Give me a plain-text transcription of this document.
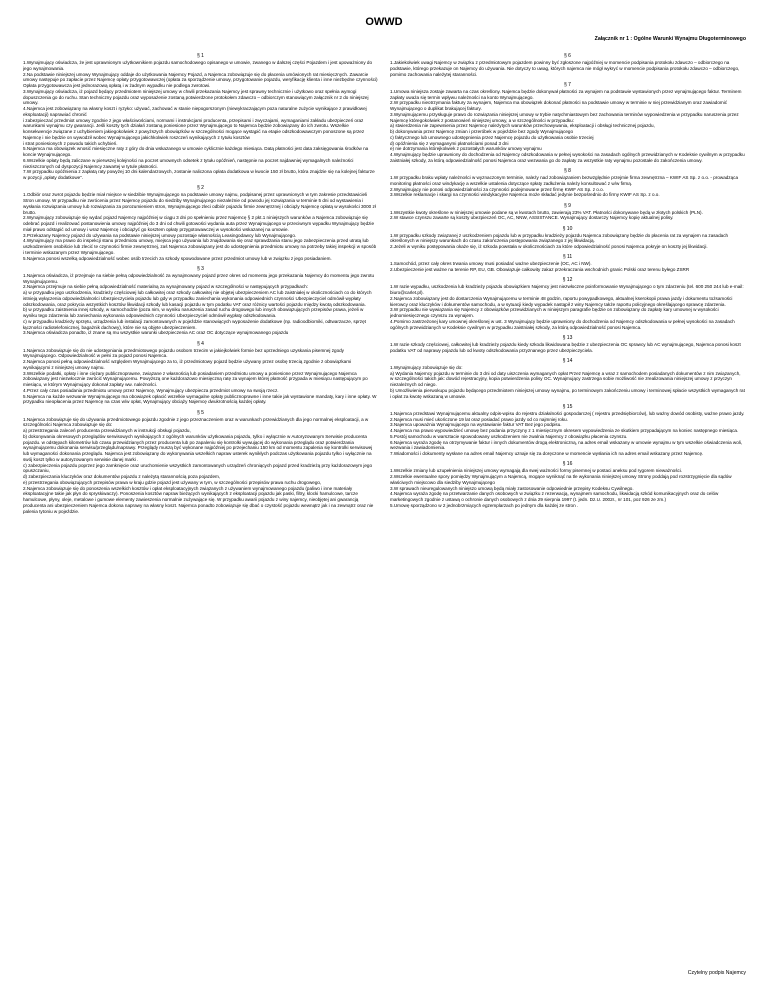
OWWD
Załącznik nr 1 : Ogólne Warunki Wynajmu Długoterminowego
§ 1

1.Wynajmujący oświadcza, że jest uprawnionym użytkownikiem pojazdu samochodowego opisanego w umowie, zwanego w dalszej części Pojazdem i jest upoważniony do jego wynajmowania.
2.Na podstawie niniejszej umowy Wynajmujący oddaje do użytkowania Najemcy Pojazd, a Najemca zobowiązuje się do płacenia umówionych rat miesięcznych. Zawarcie umowy następuje po zapłacie przez Najemcę opłaty przygotowawczej (opłata za sporządzenie umowy, przygotowanie pojazdu, weryfikację klienta i inne niezbędne czynności) Opłata przygotowawcza jest jednorazową opłatą i w żadnym wypadku nie podlega zwrotowi.
3.Wynajmujący oświadcza, iż pojazd będący przedmiotem niniejszej umowy w chwili przekazania Najemcy jest sprawny technicznie i użytkowo oraz spełnia wymogi dopuszczenia go do ruchu. Stan techniczny pojazdu oraz wyposażenie zostaną potwierdzone protokołem zdawczo – odbiorczym stanowiącym załącznik nr 2 do niniejszej umowy.
4.Najemca jest zobowiązany na własny koszt i ryzyko: używać, zachować w stanie niepogorszonym (niewykraczającym poza naturalne zużycie wynikające z prawidłowej eksploatacji) naprawiać chronić
i zabezpieczać przedmiot umowy zgodnie z jego właściwościami, normami i instrukcjami producenta, przepisami i zwyczajami, wymaganiami zakładu ubezpieczeń oraz warunkami wynajmu czy gwarancji. Jeśli koszty tych działań zostaną poniesione przez Wynajmującego to Najemca będzie zobowiązany do ich zwrotu. Wszelkie konsekwencje związane z uchybieniem jakiegokolwiek z powyższych obowiązków w szczególności mogące wystąpić na etapie odszkodowawczym ponoszone są przez Najemcę i nie będzie on wywodził wobec Wynajmującego jakichkolwiek roszczeń wynikających z tytułu kosztów
i strat poniesionych z powodu takich uchybień.
5.Najemca ma obowiązek wnosić miesięczne raty z góry do dnia wskazanego w umowie cyklicznie każdego miesiąca. Datą płatności jest data zaksięgowania środków na koncie Wynajmującego.
6.Wszelkie opłaty będą zaliczane w pierwszej kolejności na poczet umownych odsetek z tytułu opóźnień, następnie na poczet najdawniej wymagalnych należności nieziszczonych od dyspozycji Najemcy zawartej w tytule płatności.
7.W przypadku opóźnienia z zapłatą raty powyżej 10 dni kalendarzowych, zostanie naliczona opłata dodatkowa w kwocie 150 zł brutto, która znajdzie się na kolejnej fakturze w pozycji „opłaty dodatkowe”.

§ 2

1.Odbiór oraz zwrot pojazdu będzie miał miejsce w siedzibie Wynajmującego na podstawie umowy najmu, podpisanej przez uprawnionych w tym zakresie przedstawicieli Stron umowy. W przypadku nie zwrócenia przez Najemcę pojazdu do siedziby Wynajmującego niezależnie od powodu jej rozwiązania w terminie 5 dni od wystawienia i wysłania rozwiązania umowy lub rozwiązania za porozumieniem stron, Wynajmującego zleci odbiór pojazdu firmie zewnętrznej i obciąży Najemcę opłatą w wysokości 3000 zł brutto.
2.Wynajmujący zobowiązuje się wydać pojazd Najemcy najpóźniej w ciągu 3 dni po spełnieniu przez Najemcę § 2 pkt.1 niniejszych warunków a Najemca zobowiązuje się odebrać pojazd i realizować postanowienia umowy najpóźniej do 3 dni od chwili gotowości wydania auta przez Wynajmującego w przeciwnym wypadku Wynajmujący będzie miał prawo odstąpić od umowy i wraz Najemcę i obciążyć go kosztem opłaty przygotowawczej w wysokości wskazanej na umowie.
3.Przekazany Najemcy pojazd do używania na podstawie niniejszej umowy pozostaje własnością Leasingodawcy lub Wynajmującego.
4.Wynajmujący ma prawo do inspekcji stanu przedmiotu umowy, miejsca jego używania lub znajdowania się oraz sprawdzania stanu jego zabezpieczenia przed utratą lub uszkodzeniem osobiście lub zlecić te czynności firmie zewnętrznej, zaś Najemca zobowiązany jest do udostępnienia przedmiotu umowy na potrzeby takiej inspekcji w sposób i terminie wskazanym przez Wynajmującego.
5.Najemca ponosi wszelką odpowiedzialność wobec osób trzecich za szkody spowodowane przez przedmiot umowy lub w związku z jego posiadaniem.

§ 3

1.Najemca oświadcza, iż przejmuje na siebie pełną odpowiedzialność za wynajmowany pojazd przez okres od momentu jego przekazania Najemcy do momentu jego zwrotu Wynajmującemu.
2.Najemca przejmuje na siebie pełną odpowiedzialność materialną za wynajmowany pojazd w szczególności w następujących przypadkach:
a) w przypadku jego uszkodzenia, kradzieży częściowej lub całkowitej oraz szkody całkowitej nie objętej ubezpieczeniem AC lub zaistniałej w okolicznościach co do których istnieją wyłączenia odpowiedzialności Ubezpieczyciela pojazdu lub gdy w przypadku zaniechania wykonania odpowiednich czynności Ubezpieczyciel odmówił wypłaty odszkodowania, oraz pokrycia wszystkich kosztów likwidacji szkody lub kasacji pojazdu w tym podatku VAT oraz różnicy wartości pojazdu między kwotą odszkodowania.
b) w przypadku zaistnienia innej szkody, w samochodzie (poza nim, w wyniku naruszenia zasad ruchu drogowego lub innych obowiązujących przepisów prawa, jeżeli w wyniku tego zdarzenia lub zaniechania wykonania odpowiednich czynności Ubezpieczyciel odmówił wypłaty odszkodowania.
c) w przypadku kradzieży sprzętu, urządzenia lub instalacji zamontowanych w pojeździe stanowiących wyposażenie dodatkowe (np. radioodbiorniki, odtwarzacze, sprzęt łączności radiotelefonicznej, bagażnik dachowy), które nie są objęte ubezpieczeniem.
3.Najemca oświadcza ponadto, iż znane są mu wszystkie warunki ubezpieczenia AC oraz OC dotyczące wynajmowanego pojazdu

§ 4

1.Najemca zobowiązuje się do nie udostępniania przedmiotowego pojazdu osobom trzecim w jakiejkolwiek formie bez uprzedniego uzyskania pisemnej zgody Wynajmującego. Odpowiedzialność w pełni za pojazd ponosi Najemca.
2.Najemca ponosi pełną odpowiedzialność względem Wynajmującego za to, iż przedmiotowy pojazd będzie używany przez osobę trzecią zgodnie z obowiązkami wynikającymi z niniejszej umowy najmu.
3.Wszelkie podatki, opłaty i inne ciężary publicznoprawne, związane z własnością lub posiadaniem przedmiotu umowy a poniesione przez Wynajmującego Najemca zobowiązany jest niezwłocznie zwrócić Wynajmującemu. Powyższą one każdorazowo miesięczną ratę za wynajem której płatność przypada w miesiącu następującym po miesiącu, w którym Wynajmujący dokonał zapłaty ww. należności.
4.Przez cały czas posiadania przedmiotu umowy przez Najemcę, Wynajmujący ubezpiecza przedmiot umowy na swoją rzecz.
5.Najemca na każde wezwanie Wynajmującego ma obowiązek opłacić wszelkie wymagalne opłaty publicznoprawne i inne takie jak wystawione mandaty, kary i inne opłaty. W przypadku nieopłacenia przez Najemcę na czas w/w opłat, Wynajmujący obciąży Najemcę dwukrotnością każdej opłaty.

§ 5

1.Najemca zobowiązuje się do używania przedmiotowego pojazdu zgodnie z jego przeznaczeniem oraz w warunkach przewidzianych dla jego normalnej eksploatacji, a w szczególności Najemca zobowiązuje się do:
a) przestrzegania zaleceń producenta przewidzianych w instrukcji obsługi pojazdu,
b) dokonywania okresowych przeglądów serwisowych wynikających z ogólnych warunków użytkowania pojazdu, tylko i wyłącznie w Autoryzowanym Serwisie producenta pojazdu. w odstępach kilometrów lub czasu przewidzianych przez producenta lub po zapaleniu się kontrolki wywującej do wykonania przeglądu oraz potwierdzania wynajmującemu dokonania serwisu/przeglądu/naprawy. Przeglądy muszą być wykonane najpóźniej po przejechaniu 150 km od momentu zapalenia się kontrolki serwisowej lub wymaganości dokonania przeglądu. Najemca jest zobowiązany do wykonywania wszelkich napraw usterek wynikłych podczas użytkowania pojazdu tylko i wyłącznie na swój koszt tylko w autoryzowanym serwisie danej marki .
c) zabezpieczenia pojazdu poprzez jego zamknięcie oraz uruchomienie wszystkich zamontowanych urządzeń chroniących pojazd przed kradzieżą przy każdorazowym jego opuszczaniu,
d) zabezpieczania kluczyków oraz dokumentów pojazdu z należytą starannością poza pojazdem,
e) przestrzegania obowiązujących przepisów prawa w kraju gdzie pojazd jest używany w tym, w szczególności przepisów prawa ruchu drogowego,
2.Najemca zobowiązuje się do ponoszenia wszelkich kosztów i opłat eksploatacyjnych związanych z używaniem wynajmowanego pojazdu (paliwo i inne materiały eksploatacyjne takie jak płyn do spryskiwaczy). Ponoszenia kosztów napraw bieżących wynikających z eksploatacji pojazdu jak paski, filtry, klocki hamulcowe, tarcze hamulcowe, płyny, oleje, metalowe i gumowe elementy zawieszenia normalnie zużywające się. W przypadku awarii pojazdu z winy najemcy, nieobjętej ani gwarancją producenta ani ubezpieczeniem Najemca dokona naprawy na własny koszt. Najemca ponadto zobowiązuje się dbać o czystość pojazdu wewnątrz jak i na zewnątrz oraz nie palenia tytoniu w pojeździe.

§ 6

1.Jakiekolwiek uwagi Najemcy w związku z przedmiotowym pojazdem powinny być zgłoszone najpóźniej w momencie podpisania protokołu zdawczo – odbiorczego na podstawie, którego przekazuje on Najemcy do używania. Nie dotyczy to uwag, których najemca nie mógł wykryć w momencie podpisania protokołu zdawczo – odbiorczego, pomimo zachowania należytej staranności.

§ 7

1.Umowa niniejsza zostaje zawarta na czas określony. Najemca będzie dokonywał płatności za wynajem na podstawie wystawionych przez wynajmującego faktur. Terminem zapłaty uważa się termin wpływu należności na konto Wynajmującego.
2.W przypadku nieotrzymania faktury za wynajem, Najemca ma obowiązek dokonać płatności na podstawie umowy w terminie w niej przewidzianym oraz zawiadomić Wynajmującego o duplikat brakującej faktury.
3.Wynajmującemu przysługuje prawo do rozwiązania niniejszej umowy w trybie natychmiastowym bez zachowania terminów wypowiedzenia w przypadku naruszenia przez Najemcę któregokolwiek z postanowień niniejszej umowy, a w szczególności w przypadku:
a) stwierdzenia nie zapewnienia przez Najemcę należytych warunków przechowywania, eksploatacji i obsługi technicznej pojazdu,
b) dokonywania przez Najemcę zmian i przeróbek w pojeździe bez zgody Wynajmującego
c) faktycznego lub umownego udostępnienia przez Najemcę pojazdu do użytkowania osobie trzeciej
d) opóźnienia się z wymaganymi płatnościami ponad 3 dni
e) nie dotrzymania którejkolwiek z pozostałych warunków umowy wynajmu
4.Wynajmujący będzie uprawniony do dochodzenia od Najemcy odszkodowania w pełnej wysokości na zasadach ogólnych przewidzianych w Kodeksie cywilnym w przypadku zaistniałej szkody, za którą odpowiedzialność ponosi Najemca oraz wezwania go do zapłaty za wszystkie raty wynajmu pozostałe do zakończenia umowy.

§ 8

1.W przypadku braku wpłaty należności w wyznaczonym terminie, należy nad zobowiązaniem bezwzględnie przejmie firma zewnętrzna – KWIF AS Sp. z o.o. - prowadząca monitoring płatności oraz windykację a wszelkie ustalenia dotyczące spłaty zadłużenia należy konsultować z w/w firmą.
2.Wynajmujący nie ponosi odpowiedzialności za czynności podejmowane przez firmę KWIF AS Sp. z o.o.
3.Wszelkie reklamacje i skargi na czynności windykacyjne Najemca może składać jedynie bezpośrednio do firmy KWIF AS Sp. z o.o.

§ 9

1.Wszystkie kwoty określone w niniejszej umowie podane są w kwotach brutto, zawierają 23% VAT. Płatności dokonywane będą w złotych polskich (PLN).
2.W stawce czynszu zawarte są koszty ubezpieczeń OC, AC, NNW, ASSISTANCE. Wynajmujący dostarczy Najemcy kopię aktualnej polisy.

§ 10

1.W przypadku szkody związanej z uszkodzeniem pojazdu lub w przypadku kradzieży pojazdu Najemca zobowiązany będzie do płacenia rat za wynajem na zasadach określonych w niniejszy warunkach do czasu zakończenia postępowania związanego z jej likwidacją.
2.Jeżeli w wyniku postępowania okaże się, iż szkoda powstała w okolicznościach za które odpowiedzialność ponosi Najemca pokryje on koszty jej likwidacji.

§ 11

1.Samochód, przez cały okres trwania umowy musi posiadać ważne ubezpieczenie (OC, AC i NW).
2.Ubezpieczenie jest ważne na terenie RP, EU, GB. Obowiązuje całkowity zakaz przekraczania wschodnich granic Polski oraz terenu byłego ZSRR

§ 12

1.W razie wypadku, uszkodzenia lub kradzieży pojazdu obowiązkiem Najemcy jest niezwłoczne poinformowanie Wynajmującego o tym zdarzeniu (tel. 600 250 244 lub e-mail: biuro@carlet.pl).
2.Najemca zobowiązany jest do dostarczenia Wynajmującemu w terminie 48 godzin, raportu powypadkowego, aktualnej kserokopii prawa jazdy i dokumentu tożsamości kierowcy oraz kluczyków i dokumentów samochodu, a w sytuacji kiedy wypadek nastąpił z winy Najemcy także raportu policyjnego określającego sprawcę zdarzenia.
3.W przypadku nie wywiązania się Najemcy z obowiązków przewidzianych w niniejszym paragrafie będzie on zobowiązany do zapłaty kary umownej w wysokości jednomiesięcznego czynszu za wynajem.
4.Pomimo zastrzeżonej kary umownej określonej w ust. 3 Wynajmujący będzie uprawniony do dochodzenia od Najemcy odszkodowania w pełnej wysokości na zasadach ogólnych przewidzianych w Kodeksie cywilnym w przypadku zaistniałej szkody, za którą odpowiedzialność ponosi Najemca.

§ 13

1.W razie szkody częściowej, całkowitej lub kradzieży pojazdu kiedy szkoda likwidowana będzie z ubezpieczenia OC sprawcy lub AC wynajmującego, Najemca ponosi koszt podatku VAT od naprawy pojazdu lub od kwoty odszkodowania przyznanego przez ubezpieczyciela.

§ 14

1.Wynajmujący zobowiązuje się do:
a) Wydania Najemcy pojazdu w terminie do 3 dni od daty uiszczenia wymaganych opłat Przez Najemcę a wraz z samochodem posiadanych dokumentów z nim związanych, w szczególności takich jak: dowód rejestracyjny, kopia potwierdzenia polisy OC. Wynajmujący zastrzega sobie możliwość nie zrealizowania niniejszej umowy z przyczyn niezależnych od niego.
b) Umożliwienia pierwokupu pojazdu będącego przedmiotem niniejszej umowy wynajmu, po terminowym zakończeniu umowy i terminowej spłacie wszystkich wymaganych rat i opłat za kwotę wskazaną w umowie.

§ 15

1.Najemca przedstawi Wynajmującemu aktualny odpis-wpisu do rejestru działalności gospodarczej ( rejestru przedsiębiorców), lub ważny dowód osobisty, ważne prawo jazdy.
2.Najemca musi mieć ukończone 19 lat oraz posiadać prawo jazdy od co najmniej roku.
3.Najemca upoważnia Wynajmującego na wystawianie faktur VAT Bez jego podpisu.
4.Najemca ma prawo wypowiedzieć umowę bez podania przyczyny z 1 miesięcznym okresem wypowiedzenia ze skutkiem przypadającym na koniec następnego miesiąca.
5.Postój samochodu w warsztacie spowodowany uszkodzeniem nie zwalnia Najemcy z obowiązku płacenia czynszu.
6.Najemca wyraża zgodę na otrzymywanie faktur i innych dokumentów drogą elektroniczną, na adres email wskazany w umowie wynajmu w tym wszelkie oświadczenia woli, wezwania i zawiadomienia.
7.Wiadomości i dokumenty wysłane na adres email Najemcy uznaje się za doręczone w momencie wysłania ich na adres email wskazany przez Najemcę.

§ 16

1.Wszelkie zmiany lub uzupełnienia niniejszej umowy wymagają dla swej ważności formy pisemnej w postaci aneksu pod rygorem nieważności.
2.Wszelkie ewentualne spory pomiędzy Wynajmującym a Najemcą, mogące wyniknąć na tle wykonania niniejszej umowy Strony poddają pod rozstrzygnięcie dla sądów właściwych miejscowo dla siedziby Wynajmującego
3.W sprawach nieuregulowanych niniejszo umową będą miały zastosowanie odpowiednie przepisy Kodeksu Cywilnego.
4.Najemca wyraża zgodę na przetwarzanie danych osobowych w związku z rezerwacją, wynajmem samochodu, likwidacją szkód komunikacyjnych oraz do celów marketingowych zgodnie z ustawą o ochronie danych osobowych z dnia 29 sierpnia 1997 (t. jedn. Dz.U. 2002r., nr 101, poz 926 ze zm.)
5.Umowę sporządzono w 2 jednobrzmiących egzemplarzach po jednym dla każdej ze stron .

Czytelny podpis Najemcy
